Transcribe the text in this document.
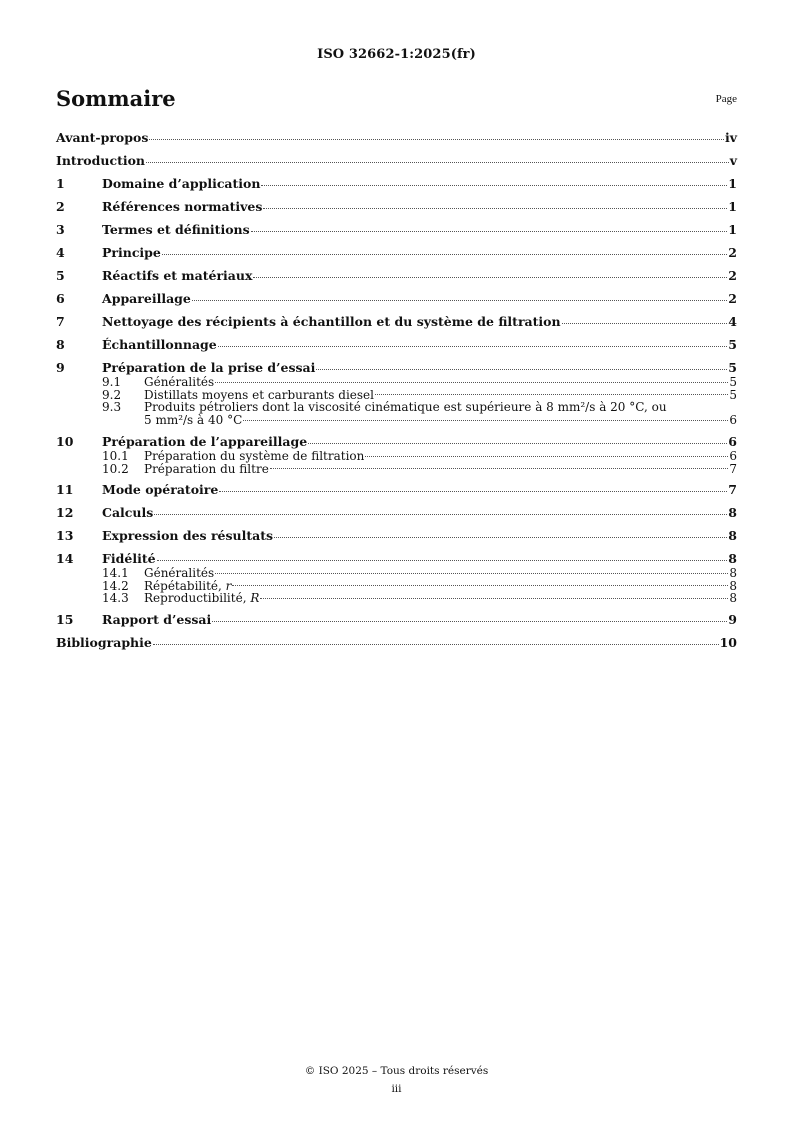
ISO 32662-1:2025(fr)
Sommaire	Page
Avant-propos	iv
Introduction	v
1	Domaine d’application	1
2	Références normatives	1
3	Termes et définitions	1
4	Principe	2
5	Réactifs et matériaux	2
6	Appareillage	2
7	Nettoyage des récipients à échantillon et du système de filtration	4
8	Échantillonnage	5
9	Préparation de la prise d’essai	5
9.1	Généralités	5
9.2	Distillats moyens et carburants diesel	5
9.3	Produits pétroliers dont la viscosité cinématique est supérieure à 8 mm²/s à 20 °C, ou
5 mm²/s à 40 °C	6
10	Préparation de l’appareillage	6
10.1	Préparation du système de filtration	6
10.2	Préparation du filtre	7
11	Mode opératoire	7
12	Calculs	8
13	Expression des résultats	8
14	Fidélité	8
14.1	Généralités	8
14.2	Répétabilité, r	8
14.3	Reproductibilité, R	8
15	Rapport d’essai	9
Bibliographie	10
© ISO 2025 – Tous droits réservés
iii
